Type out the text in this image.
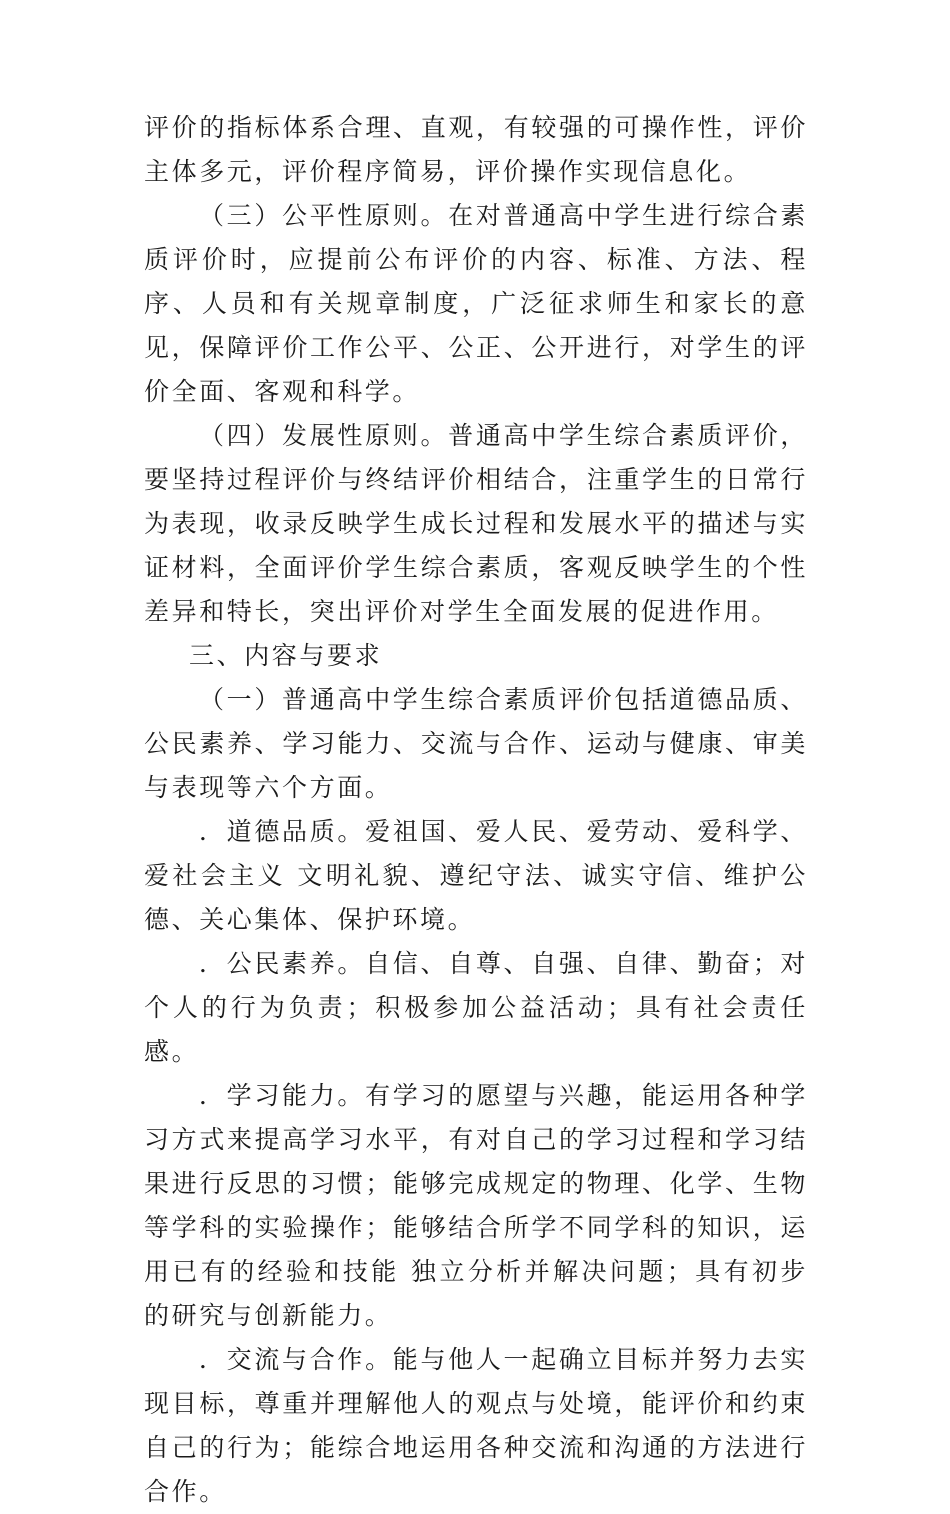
评价的指标体系合理、直观，有较强的可操作性，评价主体多元，评价程序简易，评价操作实现信息化。

（三）公平性原则。在对普通高中学生进行综合素质评价时，应提前公布评价的内容、标准、方法、程序、人员和有关规章制度，广泛征求师生和家长的意见，保障评价工作公平、公正、公开进行，对学生的评价全面、客观和科学。

（四）发展性原则。普通高中学生综合素质评价，要坚持过程评价与终结评价相结合，注重学生的日常行为表现，收录反映学生成长过程和发展水平的描述与实证材料，全面评价学生综合素质，客观反映学生的个性差异和特长，突出评价对学生全面发展的促进作用。

三、内容与要求

（一）普通高中学生综合素质评价包括道德品质、公民素养、学习能力、交流与合作、运动与健康、审美与表现等六个方面。

．道德品质。爱祖国、爱人民、爱劳动、爱科学、爱社会主义 文明礼貌、遵纪守法、诚实守信、维护公德、关心集体、保护环境。

．公民素养。自信、自尊、自强、自律、勤奋；对个人的行为负责；积极参加公益活动；具有社会责任感。

．学习能力。有学习的愿望与兴趣，能运用各种学习方式来提高学习水平，有对自己的学习过程和学习结果进行反思的习惯；能够完成规定的物理、化学、生物等学科的实验操作；能够结合所学不同学科的知识，运用已有的经验和技能 独立分析并解决问题；具有初步的研究与创新能力。

．交流与合作。能与他人一起确立目标并努力去实现目标，尊重并理解他人的观点与处境，能评价和约束自己的行为；能综合地运用各种交流和沟通的方法进行合作。
